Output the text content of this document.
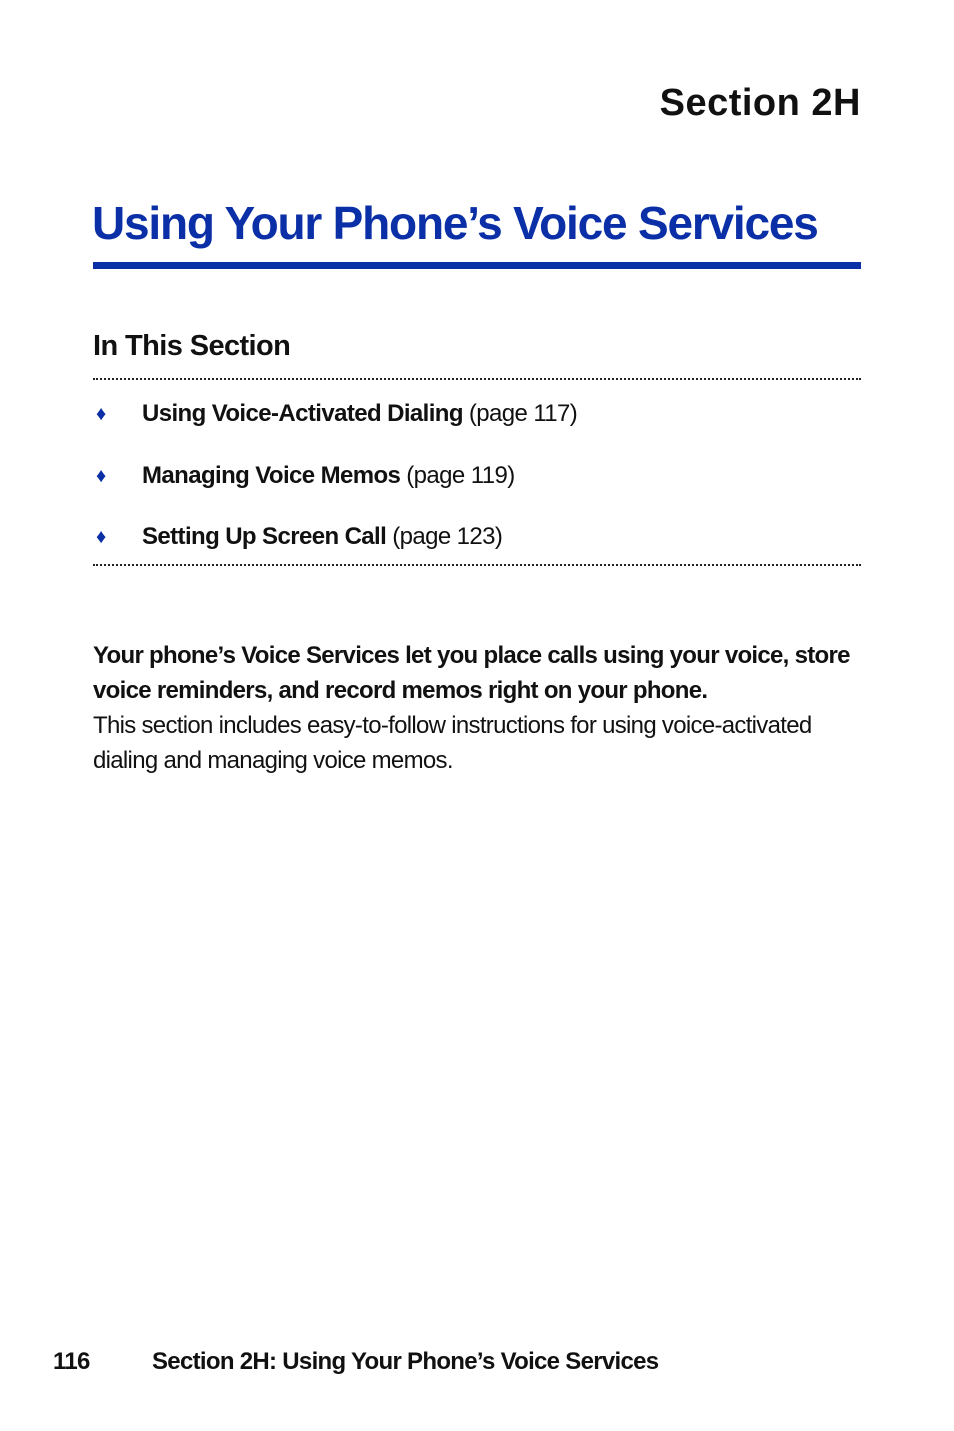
Section 2H
Using Your Phone’s Voice Services
In This Section
♦	Using Voice-Activated Dialing (page 117)
♦	Managing Voice Memos (page 119)
♦	Setting Up Screen Call (page 123)
Your phone’s Voice Services let you place calls using your voice, store voice reminders, and record memos right on your phone.
This section includes easy-to-follow instructions for using voice-activated dialing and managing voice memos.
116	Section 2H: Using Your Phone’s Voice Services
